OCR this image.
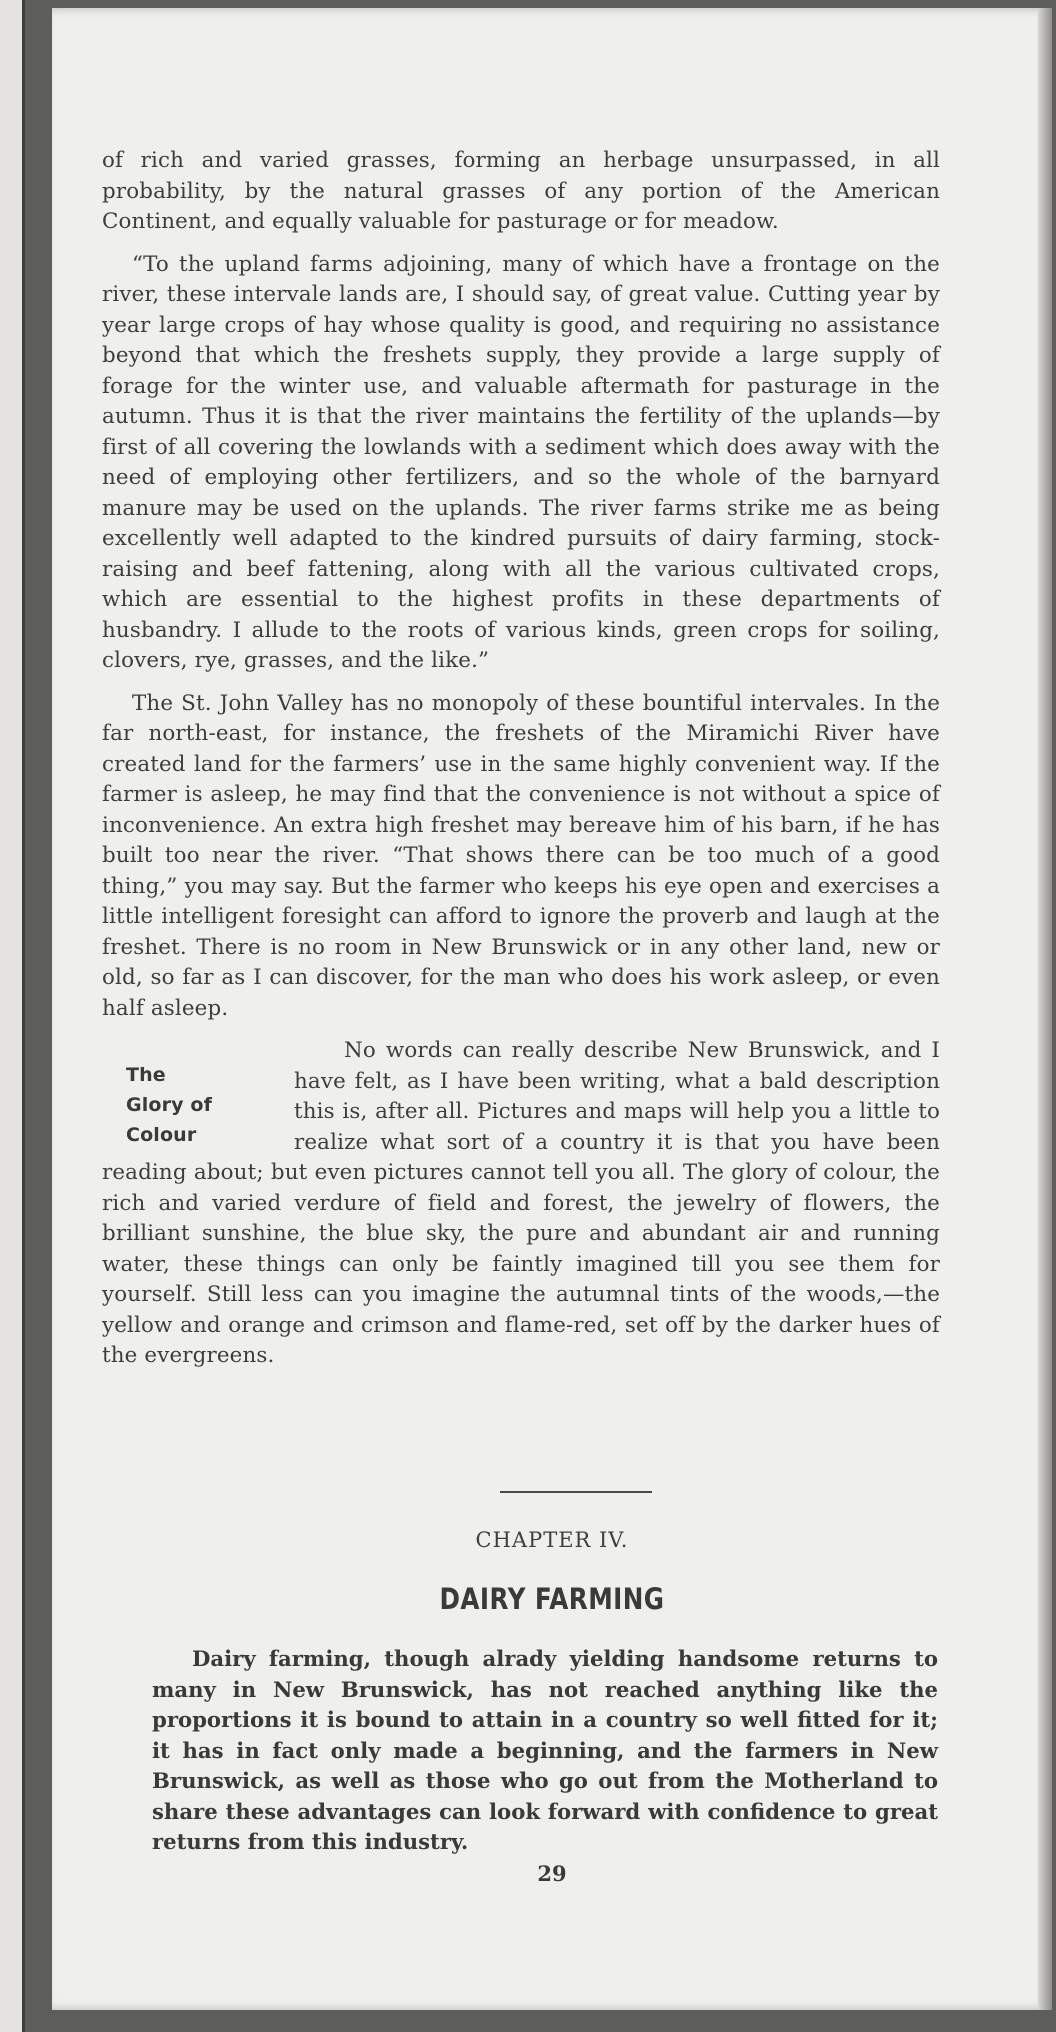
of rich and varied grasses, forming an herbage unsurpassed, in all probability, by the natural grasses of any portion of the American Continent, and equally valuable for pasturage or for meadow.

“To the upland farms adjoining, many of which have a frontage on the river, these intervale lands are, I should say, of great value. Cutting year by year large crops of hay whose quality is good, and requiring no assistance beyond that which the freshets supply, they provide a large supply of forage for the winter use, and valuable aftermath for pasturage in the autumn. Thus it is that the river maintains the fertility of the uplands—by first of all covering the lowlands with a sediment which does away with the need of employing other fertilizers, and so the whole of the barnyard manure may be used on the uplands. The river farms strike me as being excellently well adapted to the kindred pursuits of dairy farming, stock-raising and beef fattening, along with all the various cultivated crops, which are essential to the highest profits in these departments of husbandry. I allude to the roots of various kinds, green crops for soiling, clovers, rye, grasses, and the like.”

The St. John Valley has no monopoly of these bountiful intervales. In the far north-east, for instance, the freshets of the Miramichi River have created land for the farmers’ use in the same highly convenient way. If the farmer is asleep, he may find that the convenience is not without a spice of inconvenience. An extra high freshet may bereave him of his barn, if he has built too near the river. “That shows there can be too much of a good thing,” you may say. But the farmer who keeps his eye open and exercises a little intelligent foresight can afford to ignore the proverb and laugh at the freshet. There is no room in New Brunswick or in any other land, new or old, so far as I can discover, for the man who does his work asleep, or even half asleep.

The
Glory of
Colour

No words can really describe New Brunswick, and I have felt, as I have been writing, what a bald description this is, after all. Pictures and maps will help you a little to realize what sort of a country it is that you have been reading about; but even pictures cannot tell you all. The glory of colour, the rich and varied verdure of field and forest, the jewelry of flowers, the brilliant sunshine, the blue sky, the pure and abundant air and running water, these things can only be faintly imagined till you see them for yourself. Still less can you imagine the autumnal tints of the woods,—the yellow and orange and crimson and flame-red, set off by the darker hues of the evergreens.

CHAPTER IV.
DAIRY FARMING

Dairy farming, though alrady yielding handsome returns to many in New Brunswick, has not reached anything like the proportions it is bound to attain in a country so well fitted for it; it has in fact only made a beginning, and the farmers in New Brunswick, as well as those who go out from the Motherland to share these advantages can look forward with confidence to great returns from this industry.

29
